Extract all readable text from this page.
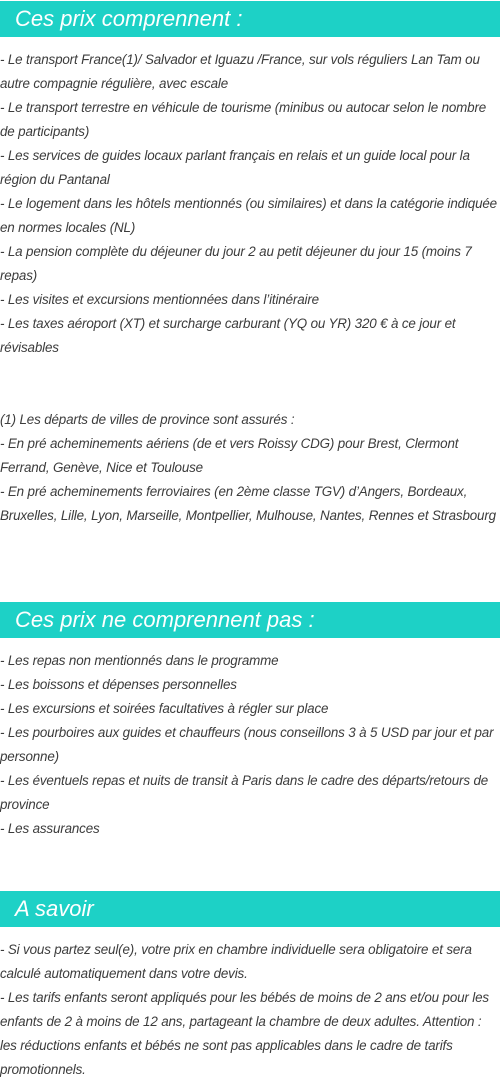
Ces prix comprennent :

- Le transport France(1)/ Salvador et Iguazu /France, sur vols réguliers Lan Tam ou autre compagnie régulière, avec escale

- Le transport terrestre en véhicule de tourisme (minibus ou autocar selon le nombre de participants)

- Les services de guides locaux parlant français en relais et un guide local pour la région du Pantanal

- Le logement dans les hôtels mentionnés (ou similaires) et dans la catégorie indiquée en normes locales (NL)

- La pension complète du déjeuner du jour 2 au petit déjeuner du jour 15 (moins 7 repas)

- Les visites et excursions mentionnées dans l’itinéraire

- Les taxes aéroport (XT) et surcharge carburant (YQ ou YR) 320 € à ce jour et révisables

(1) Les départs de villes de province sont assurés :

- En pré acheminements aériens (de et vers Roissy CDG) pour Brest, Clermont Ferrand, Genève, Nice et Toulouse

- En pré acheminements ferroviaires (en 2ème classe TGV) d’Angers, Bordeaux, Bruxelles, Lille, Lyon, Marseille, Montpellier, Mulhouse, Nantes, Rennes et Strasbourg

Ces prix ne comprennent pas :

- Les repas non mentionnés dans le programme

- Les boissons et dépenses personnelles

- Les excursions et soirées facultatives à régler sur place

- Les pourboires aux guides et chauffeurs (nous conseillons 3 à 5 USD par jour et par personne)

- Les éventuels repas et nuits de transit à Paris dans le cadre des départs/retours de province

- Les assurances

A savoir

- Si vous partez seul(e), votre prix en chambre individuelle sera obligatoire et sera calculé automatiquement dans votre devis.

- Les tarifs enfants seront appliqués pour les bébés de moins de 2 ans et/ou pour les enfants de 2 à moins de 12 ans, partageant la chambre de deux adultes. Attention : les réductions enfants et bébés ne sont pas applicables dans le cadre de tarifs promotionnels.
